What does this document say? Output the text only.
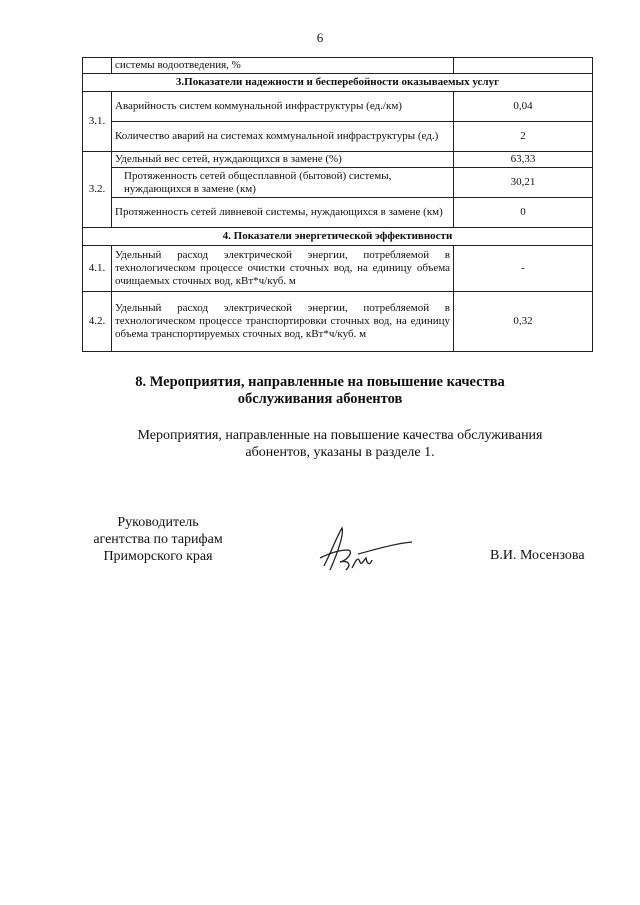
6
	системы водоотведения, %	
3.Показатели надежности и бесперебойности оказываемых услуг		
3.1.	Аварийность систем коммунальной инфраструктуры (ед./км)	0,04
	Количество аварий на системах коммунальной инфраструктуры (ед.)	2
3.2.	Удельный вес сетей, нуждающихся в замене (%)	63,33
	Протяженность сетей общесплавной (бытовой) системы, нуждающихся в замене (км)	30,21
	Протяженность сетей ливневой системы, нуждающихся в замене (км)	0
4. Показатели энергетической эффективности		
4.1.	Удельный расход электрической энергии, потребляемой в технологическом процессе очистки сточных вод, на единицу объема очищаемых сточных вод, кВт*ч/куб. м	-
4.2.	Удельный расход электрической энергии, потребляемой в технологическом процессе транспортировки сточных вод, на единицу объема транспортируемых сточных вод, кВт*ч/куб. м	0,32
8. Мероприятия, направленные на повышение качества
обслуживания абонентов
Мероприятия, направленные на повышение качества обслуживания
абонентов, указаны в разделе 1.
Руководитель
агентства по тарифам
Приморского края	В.И. Мосензова
